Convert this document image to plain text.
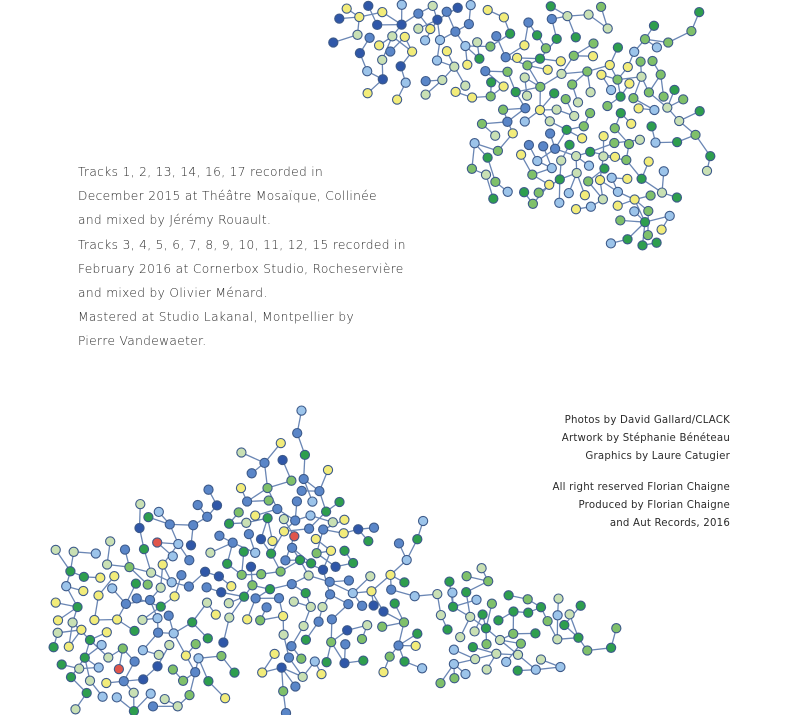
Tracks 1, 2, 13, 14, 16, 17 recorded in
December 2015 at Théâtre Mosaïque, Collinée
and mixed by Jérémy Rouault.
Tracks 3, 4, 5, 6, 7, 8, 9, 10, 11, 12, 15 recorded in
February 2016 at Cornerbox Studio, Rocheservière
and mixed by Olivier Ménard.
Mastered at Studio Lakanal, Montpellier by
Pierre Vandewaeter.
Photos by David Gallard/CLACK
Artwork by Stéphanie Bénéteau
Graphics by Laure Catugier
All right reserved Florian Chaigne
Produced by Florian Chaigne
and Aut Records, 2016
